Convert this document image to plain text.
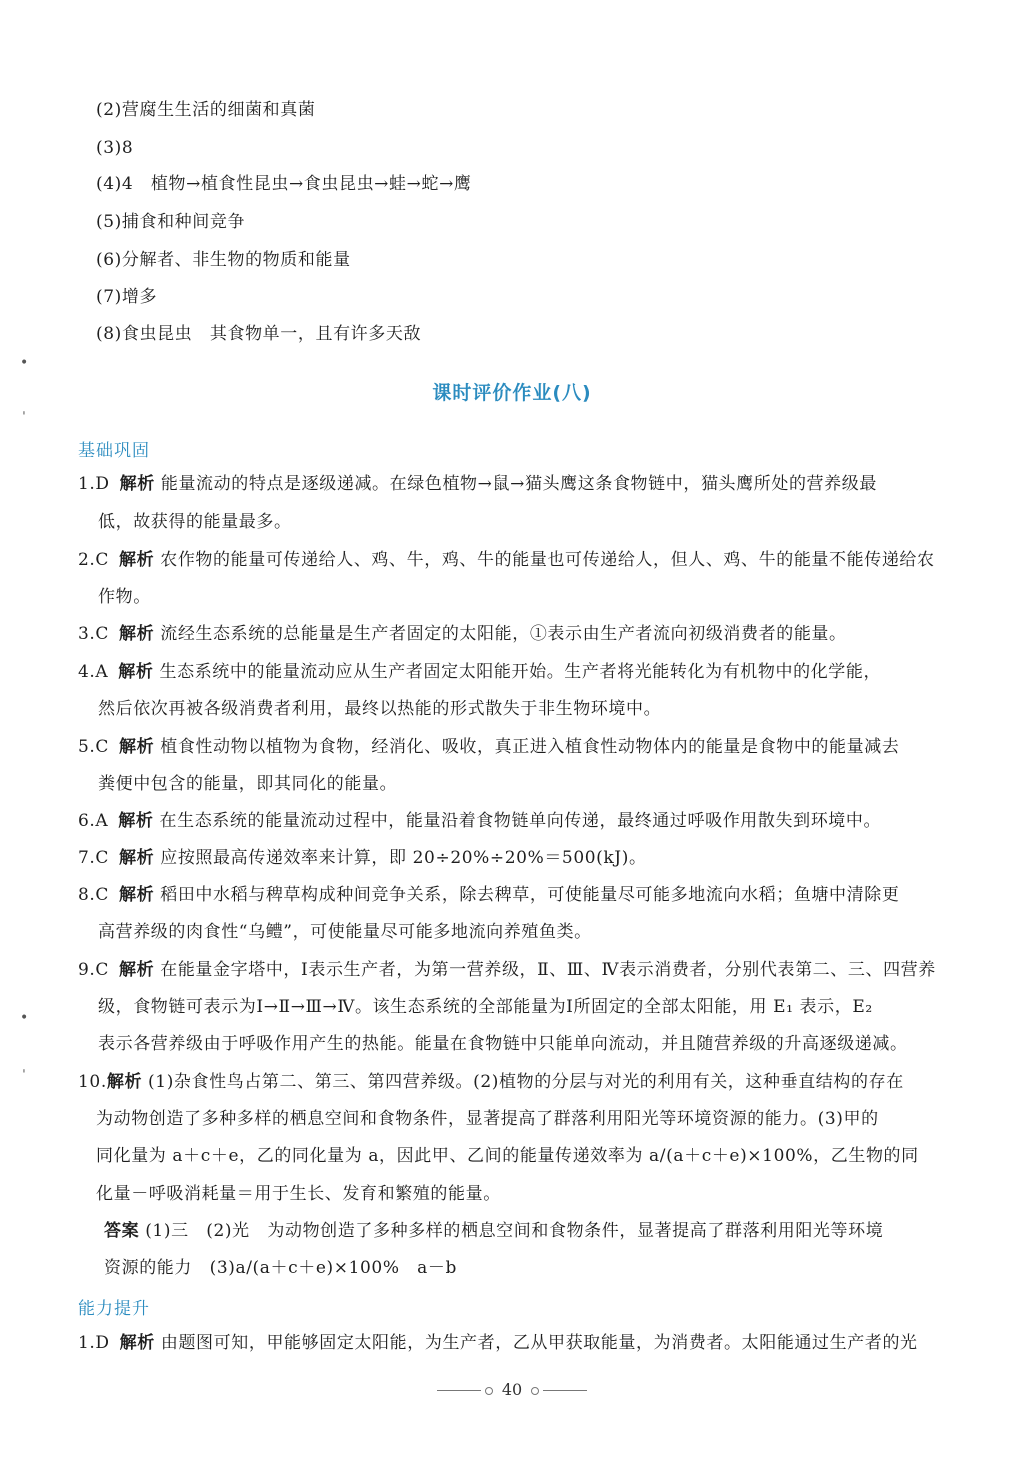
(2)营腐生生活的细菌和真菌
(3)8
(4)4　植物→植食性昆虫→食虫昆虫→蛙→蛇→鹰
(5)捕食和种间竞争
(6)分解者、非生物的物质和能量
(7)增多
(8)食虫昆虫　其食物单一，且有许多天敌
•
ˈ
课时评价作业(八)
基础巩固
1.D 解析 能量流动的特点是逐级递减。在绿色植物→鼠→猫头鹰这条食物链中，猫头鹰所处的营养级最
低，故获得的能量最多。
2.C 解析 农作物的能量可传递给人、鸡、牛，鸡、牛的能量也可传递给人，但人、鸡、牛的能量不能传递给农
作物。
3.C 解析 流经生态系统的总能量是生产者固定的太阳能，①表示由生产者流向初级消费者的能量。
4.A 解析 生态系统中的能量流动应从生产者固定太阳能开始。生产者将光能转化为有机物中的化学能，
然后依次再被各级消费者利用，最终以热能的形式散失于非生物环境中。
5.C 解析 植食性动物以植物为食物，经消化、吸收，真正进入植食性动物体内的能量是食物中的能量减去
粪便中包含的能量，即其同化的能量。
6.A 解析 在生态系统的能量流动过程中，能量沿着食物链单向传递，最终通过呼吸作用散失到环境中。
7.C 解析 应按照最高传递效率来计算，即 20÷20%÷20%＝500(kJ)。
8.C 解析 稻田中水稻与稗草构成种间竞争关系，除去稗草，可使能量尽可能多地流向水稻；鱼塘中清除更
高营养级的肉食性“乌鳢”，可使能量尽可能多地流向养殖鱼类。
9.C 解析 在能量金字塔中，Ⅰ表示生产者，为第一营养级，Ⅱ、Ⅲ、Ⅳ表示消费者，分别代表第二、三、四营养
级，食物链可表示为Ⅰ→Ⅱ→Ⅲ→Ⅳ。该生态系统的全部能量为Ⅰ所固定的全部太阳能，用 E₁ 表示，E₂
表示各营养级由于呼吸作用产生的热能。能量在食物链中只能单向流动，并且随营养级的升高逐级递减。
•
ˈ	10.解析 (1)杂食性鸟占第二、第三、第四营养级。(2)植物的分层与对光的利用有关，这种垂直结构的存在
为动物创造了多种多样的栖息空间和食物条件，显著提高了群落利用阳光等环境资源的能力。(3)甲的
同化量为 a＋c＋e，乙的同化量为 a，因此甲、乙间的能量传递效率为 a/(a＋c＋e)×100%，乙生物的同
化量－呼吸消耗量＝用于生长、发育和繁殖的能量。
答案 (1)三　(2)光　为动物创造了多种多样的栖息空间和食物条件，显著提高了群落利用阳光等环境
资源的能力　(3)a/(a＋c＋e)×100%　a－b
能力提升
1.D 解析 由题图可知，甲能够固定太阳能，为生产者，乙从甲获取能量，为消费者。太阳能通过生产者的光
40
